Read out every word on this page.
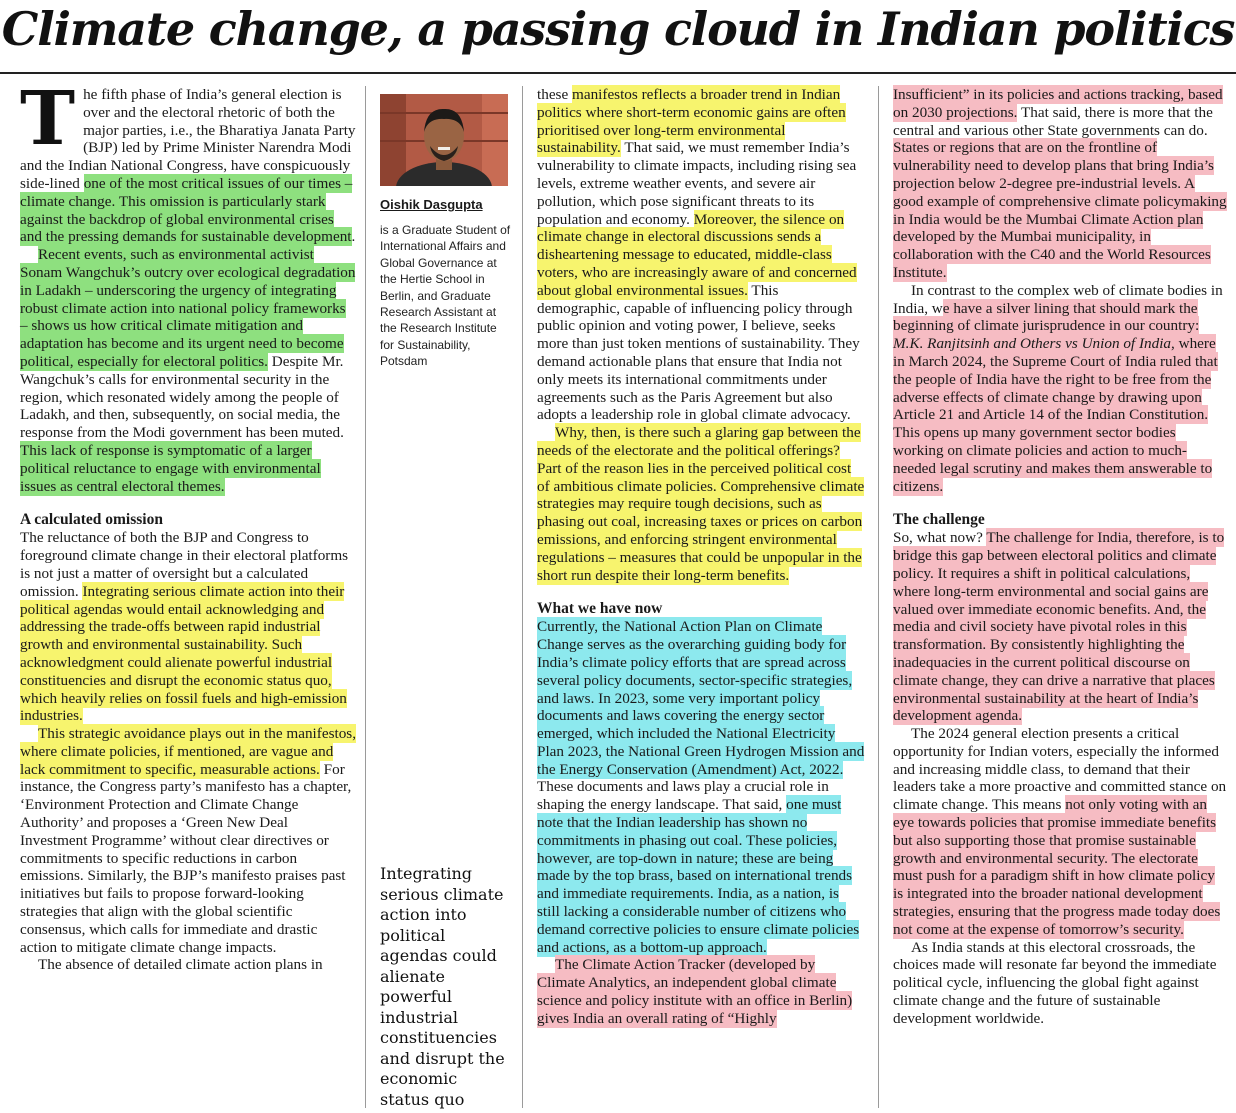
Climate change, a passing cloud in Indian politics

The fifth phase of India’s general election is over and the electoral rhetoric of both the major parties, i.e., the Bharatiya Janata Party (BJP) led by Prime Minister Narendra Modi and the Indian National Congress, have conspicuously side-lined one of the most critical issues of our times – climate change. This omission is particularly stark against the backdrop of global environmental crises and the pressing demands for sustainable development.

Recent events, such as environmental activist Sonam Wangchuk’s outcry over ecological degradation in Ladakh – underscoring the urgency of integrating robust climate action into national policy frameworks – shows us how critical climate mitigation and adaptation has become and its urgent need to become political, especially for electoral politics. Despite Mr. Wangchuk’s calls for environmental security in the region, which resonated widely among the people of Ladakh, and then, subsequently, on social media, the response from the Modi government has been muted. This lack of response is symptomatic of a larger political reluctance to engage with environmental issues as central electoral themes.

A calculated omission

The reluctance of both the BJP and Congress to foreground climate change in their electoral platforms is not just a matter of oversight but a calculated omission. Integrating serious climate action into their political agendas would entail acknowledging and addressing the trade-offs between rapid industrial growth and environmental sustainability. Such acknowledgment could alienate powerful industrial constituencies and disrupt the economic status quo, which heavily relies on fossil fuels and high-emission industries.

This strategic avoidance plays out in the manifestos, where climate policies, if mentioned, are vague and lack commitment to specific, measurable actions. For instance, the Congress party’s manifesto has a chapter, ‘Environment Protection and Climate Change Authority’ and proposes a ‘Green New Deal Investment Programme’ without clear directives or commitments to specific reductions in carbon emissions. Similarly, the BJP’s manifesto praises past initiatives but fails to propose forward-looking strategies that align with the global scientific consensus, which calls for immediate and drastic action to mitigate climate change impacts.

The absence of detailed climate action plans in

Oishik Dasgupta
is a Graduate Student of International Affairs and Global Governance at the Hertie School in Berlin, and Graduate Research Assistant at the Research Institute for Sustainability, Potsdam
Integrating serious climate action into political agendas could alienate powerful industrial constituencies and disrupt the economic status quo

these manifestos reflects a broader trend in Indian politics where short-term economic gains are often prioritised over long-term environmental sustainability. That said, we must remember India’s vulnerability to climate impacts, including rising sea levels, extreme weather events, and severe air pollution, which pose significant threats to its population and economy. Moreover, the silence on climate change in electoral discussions sends a disheartening message to educated, middle-class voters, who are increasingly aware of and concerned about global environmental issues. This demographic, capable of influencing policy through public opinion and voting power, I believe, seeks more than just token mentions of sustainability. They demand actionable plans that ensure that India not only meets its international commitments under agreements such as the Paris Agreement but also adopts a leadership role in global climate advocacy.

Why, then, is there such a glaring gap between the needs of the electorate and the political offerings? Part of the reason lies in the perceived political cost of ambitious climate policies. Comprehensive climate strategies may require tough decisions, such as phasing out coal, increasing taxes or prices on carbon emissions, and enforcing stringent environmental regulations – measures that could be unpopular in the short run despite their long-term benefits.

What we have now

Currently, the National Action Plan on Climate Change serves as the overarching guiding body for India’s climate policy efforts that are spread across several policy documents, sector-specific strategies, and laws. In 2023, some very important policy documents and laws covering the energy sector emerged, which included the National Electricity Plan 2023, the National Green Hydrogen Mission and the Energy Conservation (Amendment) Act, 2022. These documents and laws play a crucial role in shaping the energy landscape. That said, one must note that the Indian leadership has shown no commitments in phasing out coal. These policies, however, are top-down in nature; these are being made by the top brass, based on international trends and immediate requirements. India, as a nation, is still lacking a considerable number of citizens who demand corrective policies to ensure climate policies and actions, as a bottom-up approach.

The Climate Action Tracker (developed by Climate Analytics, an independent global climate science and policy institute with an office in Berlin) gives India an overall rating of “Highly

Insufficient” in its policies and actions tracking, based on 2030 projections. That said, there is more that the central and various other State governments can do. States or regions that are on the frontline of vulnerability need to develop plans that bring India’s projection below 2-degree pre-industrial levels. A good example of comprehensive climate policymaking in India would be the Mumbai Climate Action plan developed by the Mumbai municipality, in collaboration with the C40 and the World Resources Institute.

In contrast to the complex web of climate bodies in India, we have a silver lining that should mark the beginning of climate jurisprudence in our country: M.K. Ranjitsinh and Others vs Union of India, where in March 2024, the Supreme Court of India ruled that the people of India have the right to be free from the adverse effects of climate change by drawing upon Article 21 and Article 14 of the Indian Constitution. This opens up many government sector bodies working on climate policies and action to much-needed legal scrutiny and makes them answerable to citizens.

The challenge

So, what now? The challenge for India, therefore, is to bridge this gap between electoral politics and climate policy. It requires a shift in political calculations, where long-term environmental and social gains are valued over immediate economic benefits. And, the media and civil society have pivotal roles in this transformation. By consistently highlighting the inadequacies in the current political discourse on climate change, they can drive a narrative that places environmental sustainability at the heart of India’s development agenda.

The 2024 general election presents a critical opportunity for Indian voters, especially the informed and increasing middle class, to demand that their leaders take a more proactive and committed stance on climate change. This means not only voting with an eye towards policies that promise immediate benefits but also supporting those that promise sustainable growth and environmental security. The electorate must push for a paradigm shift in how climate policy is integrated into the broader national development strategies, ensuring that the progress made today does not come at the expense of tomorrow’s security.

As India stands at this electoral crossroads, the choices made will resonate far beyond the immediate political cycle, influencing the global fight against climate change and the future of sustainable development worldwide.
